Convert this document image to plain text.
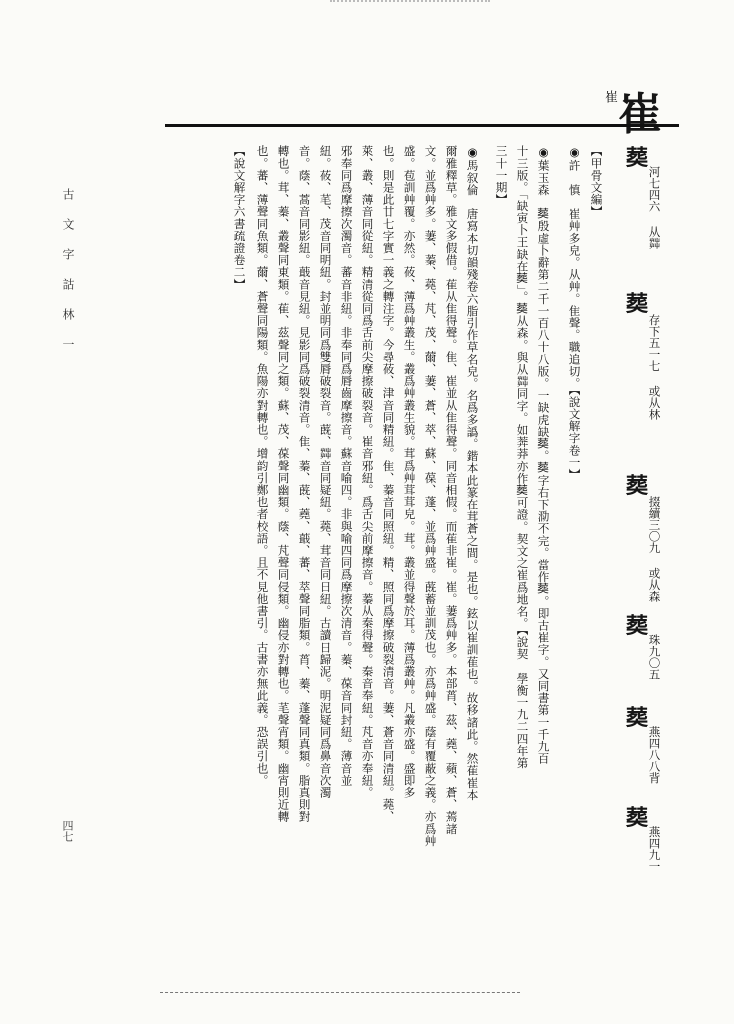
崔
崔
古文字詁林一
四七
𦵏
河七四六 从茻
𦵏
存下五一七 或从林
𦵏
掇續三〇九 或从森
𦵏
珠九〇五
𦵏
燕四八八背
𦵏
燕四九一
【甲骨文編】
◉許　慎　崔艸多皃。从艸。隹聲。職追切。【說文解字卷一】
◉葉玉森　𦵏殷虛卜辭第二千一百八十八版。一缺虎缺𦵏。𦵏字右下泐不完。當作𦵏。即古崔字。又同書第一千九百
十三版。「缺寅卜王缺在𦵏」。𦵏从森。與从茻同字。如莾莽亦作𦵏可證。契文之崔爲地名。【說契　學衡一九二四年第
三十一期】
◉馬叙倫　唐寫本切韻殘卷六脂引作草名皃。名爲多譌。鍇本此篆在茸蒼之間。是也。鉉以崔訓萑也。故移諸此。然萑崔本
爾雅釋草。雅文多假借。萑从隹得聲。隹、崔並从隹得聲。同音相假。而萑非崔。崔。萋爲艸多。本部莦、茲、蕘、蘋、蒼、蔫諸
文。並爲艸多。萋、蓁、蕘、芃、茂、薾、萋、蒼、萃、蘇、葆、蓬、並爲艸盛。蔇蓄並訓茂也。亦爲艸盛。蔭有覆蔽之義。亦爲艸
盛。苞訓艸覆。亦然。莜、薄爲艸叢生。叢爲艸叢生貌。茸爲艸茸茸皃。茸。叢並得聲於耳。薄爲叢艸。凡叢亦盛。盛即多
也。則是此廿七字實一義之轉注字。今尋莜、津音同精紐。隹、蓁音同照紐。精、照同爲摩擦破裂清音。萋、蒼音同清紐。蕘、
萊、叢、薄音同從紐。精清從同爲舌前尖摩擦破裂音。崔音邪紐。爲舌尖前摩擦音。蓁从秦得聲。秦音奉紐。芃音亦奉紐。
邪奉同爲摩擦次濁音。蕃音非紐。非奉同爲脣齒摩擦音。蘇音喻四。非與喻四同爲摩擦次清音。蓁、葆音同封紐。薄音並
紐。莜、芼、茂音同明紐。封並明同爲雙脣破裂音。蔇、茻音同疑紐。蕘、茸音同日紐。古讀日歸泥。明泥疑同爲鼻音次濁
音。蔭、蒿音同影紐。蕺音見紐。見影同爲破裂清音。隹、蓁、蔇、蕘、蕺、蕃、萃聲同脂類。莦、蓁、蓬聲同真類。脂真則對
轉也。茸、蓁、叢聲同東類。萑、茲聲同之類。蘇、茂、葆聲同幽類。蔭、芃聲同侵類。幽侵亦對轉也。芼聲宵類。幽宵則近轉
也。蕃、薄聲同魚類。薾、蒼聲同陽類。魚陽亦對轉也。增韵引鄭也者校語。且不見他書引。古書亦無此義。恐誤引也。
【說文解字六書疏證卷二】
